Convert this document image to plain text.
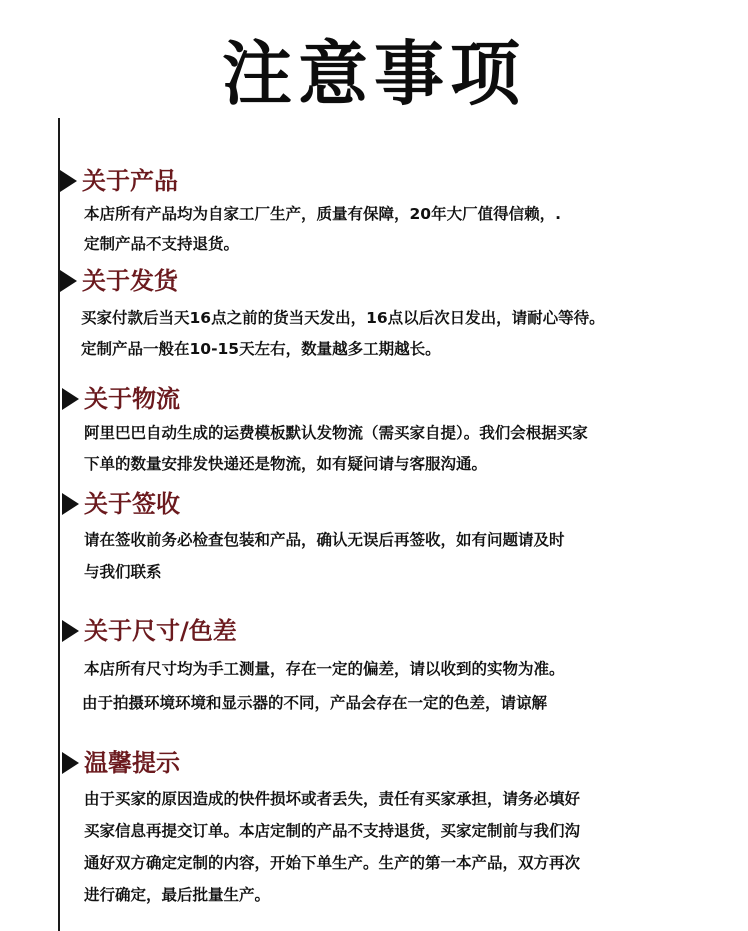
注意事项
关于产品
本店所有产品均为自家工厂生产，质量有保障，20年大厂值得信赖，.
定制产品不支持退货。
关于发货
买家付款后当天16点之前的货当天发出，16点以后次日发出，请耐心等待。
定制产品一般在10-15天左右，数量越多工期越长。
关于物流
阿里巴巴自动生成的运费模板默认发物流（需买家自提）。我们会根据买家
下单的数量安排发快递还是物流，如有疑问请与客服沟通。
关于签收
请在签收前务必检查包装和产品，确认无误后再签收，如有问题请及时
与我们联系
关于尺寸/色差
本店所有尺寸均为手工测量，存在一定的偏差，请以收到的实物为准。
由于拍摄环境环境和显示器的不同，产品会存在一定的色差，请谅解
温馨提示
由于买家的原因造成的快件损坏或者丢失，责任有买家承担，请务必填好
买家信息再提交订单。本店定制的产品不支持退货，买家定制前与我们沟
通好双方确定定制的内容，开始下单生产。生产的第一本产品，双方再次
进行确定，最后批量生产。
